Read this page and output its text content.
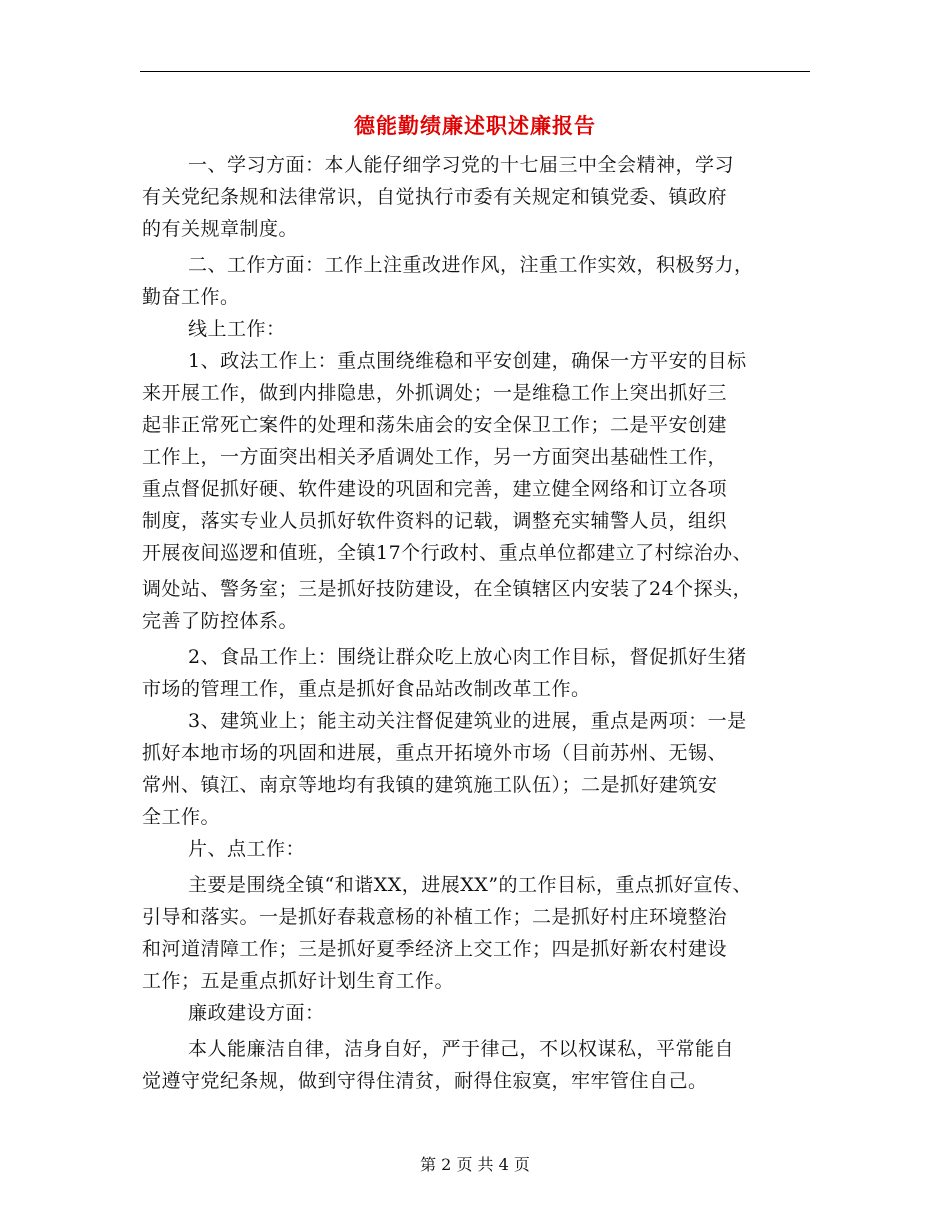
德能勤绩廉述职述廉报告
一、学习方面：本人能仔细学习党的十七届三中全会精神，学习
有关党纪条规和法律常识，自觉执行市委有关规定和镇党委、镇政府
的有关规章制度。
二、工作方面：工作上注重改进作风，注重工作实效，积极努力，
勤奋工作。
线上工作：
1、政法工作上：重点围绕维稳和平安创建，确保一方平安的目标
来开展工作，做到内排隐患，外抓调处；一是维稳工作上突出抓好三
起非正常死亡案件的处理和荡朱庙会的安全保卫工作；二是平安创建
工作上，一方面突出相关矛盾调处工作，另一方面突出基础性工作，
重点督促抓好硬、软件建设的巩固和完善，建立健全网络和订立各项
制度，落实专业人员抓好软件资料的记载，调整充实辅警人员，组织
开展夜间巡逻和值班，全镇17个行政村、重点单位都建立了村综治办、
调处站、警务室；三是抓好技防建设，在全镇辖区内安装了24个探头，
完善了防控体系。
2、食品工作上：围绕让群众吃上放心肉工作目标，督促抓好生猪
市场的管理工作，重点是抓好食品站改制改革工作。
3、建筑业上；能主动关注督促建筑业的进展，重点是两项：一是
抓好本地市场的巩固和进展，重点开拓境外市场（目前苏州、无锡、
常州、镇江、南京等地均有我镇的建筑施工队伍）；二是抓好建筑安
全工作。
片、点工作：
主要是围绕全镇“和谐XX，进展XX”的工作目标，重点抓好宣传、
引导和落实。一是抓好春栽意杨的补植工作；二是抓好村庄环境整治
和河道清障工作；三是抓好夏季经济上交工作；四是抓好新农村建设
工作；五是重点抓好计划生育工作。
廉政建设方面：
本人能廉洁自律，洁身自好，严于律己，不以权谋私，平常能自
觉遵守党纪条规，做到守得住清贫，耐得住寂寞，牢牢管住自己。
第 2 页 共 4 页
